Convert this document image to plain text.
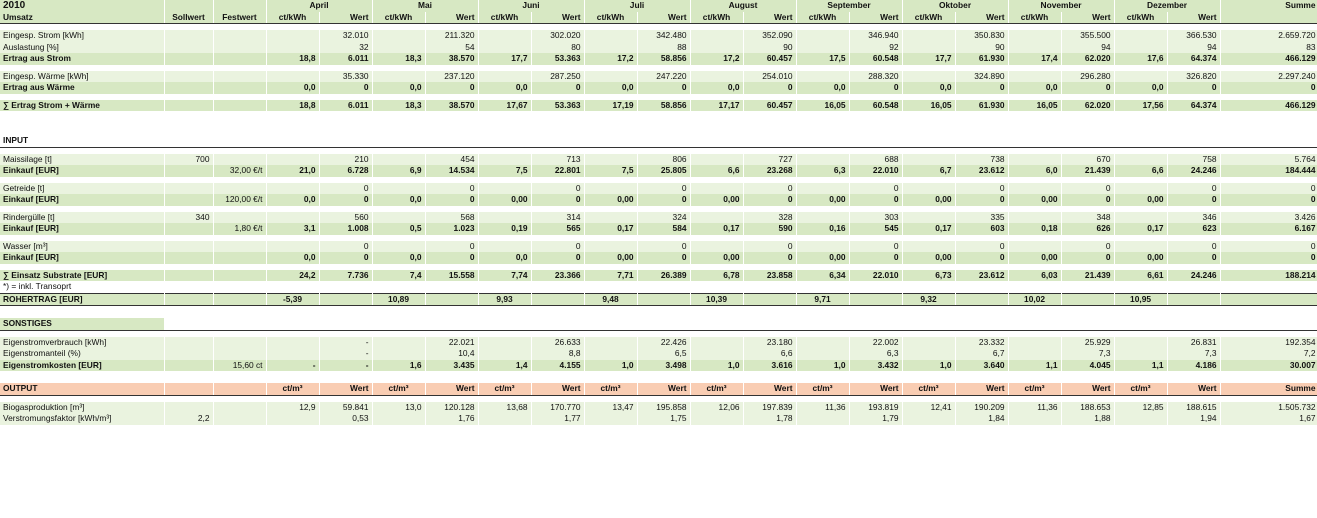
2010			April		Mai		Juni		Juli		August		September		Oktober		November		Dezember		Summe
Umsatz	Sollwert	Festwert	ct/kWh	Wert	ct/kWh	Wert	ct/kWh	Wert	ct/kWh	Wert	ct/kWh	Wert	ct/kWh	Wert	ct/kWh	Wert	ct/kWh	Wert	ct/kWh	Wert	

Eingesp. Strom [kWh]				32.010		211.320		302.020		342.480		352.090		346.940		350.830		355.500		366.530	2.659.720
Auslastung [%]				32		54		80		88		90		92		90		94		94	83
Ertrag aus Strom			18,8	6.011	18,3	38.570	17,7	53.363	17,2	58.856	17,2	60.457	17,5	60.548	17,7	61.930	17,4	62.020	17,6	64.374	466.129

Eingesp. Wärme [kWh]				35.330		237.120		287.250		247.220		254.010		288.320		324.890		296.280		326.820	2.297.240
Ertrag aus Wärme			0,0	0	0,0	0	0,0	0	0,0	0	0,0	0	0,0	0	0,0	0	0,0	0	0,0	0	0

∑ Ertrag Strom + Wärme			18,8	6.011	18,3	38.570	17,67	53.363	17,19	58.856	17,17	60.457	16,05	60.548	16,05	61.930	16,05	62.020	17,56	64.374	466.129

INPUT																					

Maissilage [t]	700			210		454		713		806		727		688		738		670		758	5.764
Einkauf [EUR]		32,00 €/t	21,0	6.728	6,9	14.534	7,5	22.801	7,5	25.805	6,6	23.268	6,3	22.010	6,7	23.612	6,0	21.439	6,6	24.246	184.444

Getreide [t]				0		0		0		0		0		0		0		0		0	0
Einkauf [EUR]		120,00 €/t	0,0	0	0,0	0	0,00	0	0,00	0	0,00	0	0,00	0	0,00	0	0,00	0	0,00	0	0

Rindergülle [t]	340			560		568		314		324		328		303		335		348		346	3.426
Einkauf [EUR]		1,80 €/t	3,1	1.008	0,5	1.023	0,19	565	0,17	584	0,17	590	0,16	545	0,17	603	0,18	626	0,17	623	6.167

Wasser [m³]				0		0		0		0		0		0		0		0		0	0
Einkauf [EUR]			0,0	0	0,0	0	0,0	0	0,00	0	0,00	0	0,00	0	0,00	0	0,00	0	0,00	0	0

∑ Einsatz Substrate [EUR]			24,2	7.736	7,4	15.558	7,74	23.366	7,71	26.389	6,78	23.858	6,34	22.010	6,73	23.612	6,03	21.439	6,61	24.246	188.214
*) = inkl. Transoprt																					
ROHERTRAG [EUR]			-5,39		10,89		9,93		9,48		10,39		9,71		9,32		10,02		10,95		

SONSTIGES																					

Eigenstromverbrauch [kWh]				-		22.021		26.633		22.426		23.180		22.002		23.332		25.929		26.831	192.354
Eigenstromanteil (%)				-		10,4		8,8		6,5		6,6		6,3		6,7		7,3		7,3	7,2
Eigenstromkosten [EUR]		15,60 ct	-	-	1,6	3.435	1,4	4.155	1,0	3.498	1,0	3.616	1,0	3.432	1,0	3.640	1,1	4.045	1,1	4.186	30.007

OUTPUT			ct/m³	Wert	ct/m³	Wert	ct/m³	Wert	ct/m³	Wert	ct/m³	Wert	ct/m³	Wert	ct/m³	Wert	ct/m³	Wert	ct/m³	Wert	Summe

Biogasproduktion [m³]			12,9	59.841	13,0	120.128	13,68	170.770	13,47	195.858	12,06	197.839	11,36	193.819	12,41	190.209	11,36	188.653	12,85	188.615	1.505.732
Verstromungsfaktor [kWh/m³]	2,2			0,53		1,76		1,77		1,75		1,78		1,79		1,84		1,88		1,94	1,67
